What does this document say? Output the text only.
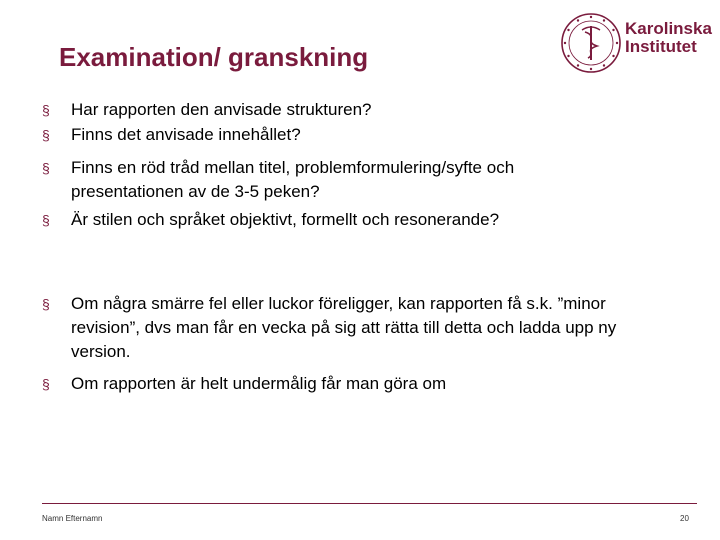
Examination/ granskning
Karolinska
Institutet
§ Har rapporten den anvisade strukturen?
§ Finns det anvisade innehållet?
§ Finns en röd tråd mellan titel, problemformulering/syfte och presentationen av de 3-5 peken?
§ Är stilen och språket objektivt, formellt och resonerande?
§ Om några smärre fel eller luckor föreligger, kan rapporten få s.k. ”minor revision”, dvs man får en vecka på sig att rätta till detta och ladda upp ny version.
§ Om rapporten är helt undermålig får man göra om
Namn Efternamn	20
